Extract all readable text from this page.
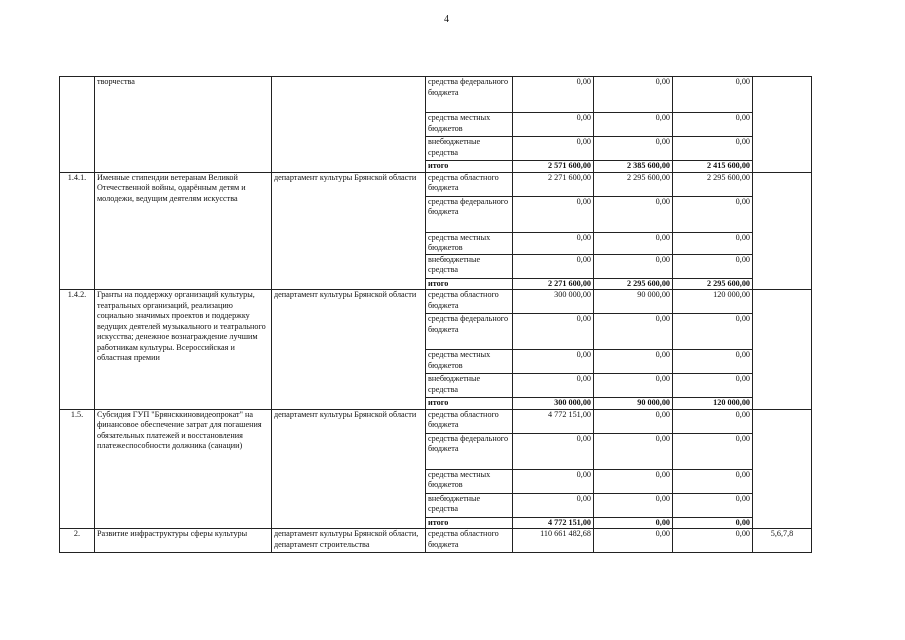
4
	творчества		средства федерального бюджета	0,00	0,00	0,00	
			средства местных бюджетов	0,00	0,00	0,00	
			внебюджетные средства	0,00	0,00	0,00	
			итого	2 571 600,00	2 385 600,00	2 415 600,00	
1.4.1.	Именные стипендии ветеранам Великой Отечественной войны, одарённым детям и молодежи, ведущим деятелям искусства	департамент культуры Брянской области	средства областного бюджета	2 271 600,00	2 295 600,00	2 295 600,00	
			средства федерального бюджета	0,00	0,00	0,00	
			средства местных бюджетов	0,00	0,00	0,00	
			внебюджетные средства	0,00	0,00	0,00	
			итого	2 271 600,00	2 295 600,00	2 295 600,00	
1.4.2.	Гранты на поддержку организаций культуры, театральных организаций, реализацию социально значимых проектов и поддержку ведущих деятелей музыкального и театрального искусства; денежное вознаграждение лучшим работникам культуры. Всероссийская и областная премии	департамент культуры Брянской области	средства областного бюджета	300 000,00	90 000,00	120 000,00	
			средства федерального бюджета	0,00	0,00	0,00	
			средства местных бюджетов	0,00	0,00	0,00	
			внебюджетные средства	0,00	0,00	0,00	
			итого	300 000,00	90 000,00	120 000,00	
1.5.	Субсидия ГУП "Брянсккиновидеопрокат" на финансовое обеспечение затрат для погашения обязательных платежей и восстановления платежеспособности должника (санации)	департамент культуры Брянской области	средства областного бюджета	4 772 151,00	0,00	0,00	
			средства федерального бюджета	0,00	0,00	0,00	
			средства местных бюджетов	0,00	0,00	0,00	
			внебюджетные средства	0,00	0,00	0,00	
			итого	4 772 151,00	0,00	0,00	
2.	Развитие инфраструктуры сферы культуры	департамент культуры Брянской области, департамент строительства	средства областного бюджета	110 661 482,68	0,00	0,00	5,6,7,8
